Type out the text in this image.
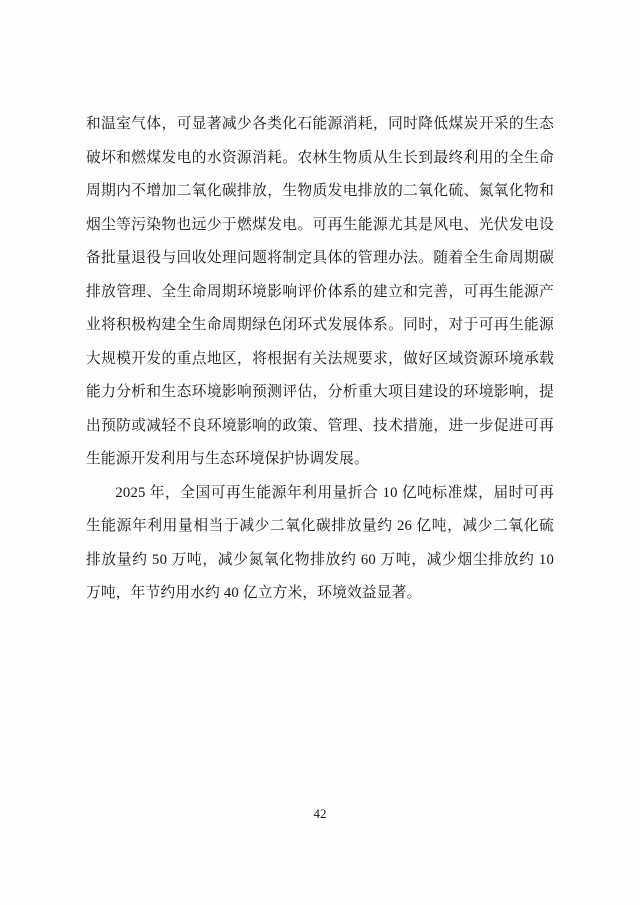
和温室气体，可显著减少各类化石能源消耗，同时降低煤炭开采的生态破坏和燃煤发电的水资源消耗。农林生物质从生长到最终利用的全生命周期内不增加二氧化碳排放，生物质发电排放的二氧化硫、氮氧化物和烟尘等污染物也远少于燃煤发电。可再生能源尤其是风电、光伏发电设备批量退役与回收处理问题将制定具体的管理办法。随着全生命周期碳排放管理、全生命周期环境影响评价体系的建立和完善，可再生能源产业将积极构建全生命周期绿色闭环式发展体系。同时，对于可再生能源大规模开发的重点地区，将根据有关法规要求，做好区域资源环境承载能力分析和生态环境影响预测评估，分析重大项目建设的环境影响，提出预防或减轻不良环境影响的政策、管理、技术措施，进一步促进可再生能源开发利用与生态环境保护协调发展。

2025 年，全国可再生能源年利用量折合 10 亿吨标准煤，届时可再生能源年利用量相当于减少二氧化碳排放量约 26 亿吨，减少二氧化硫排放量约 50 万吨，减少氮氧化物排放约 60 万吨，减少烟尘排放约 10 万吨，年节约用水约 40 亿立方米，环境效益显著。

42
